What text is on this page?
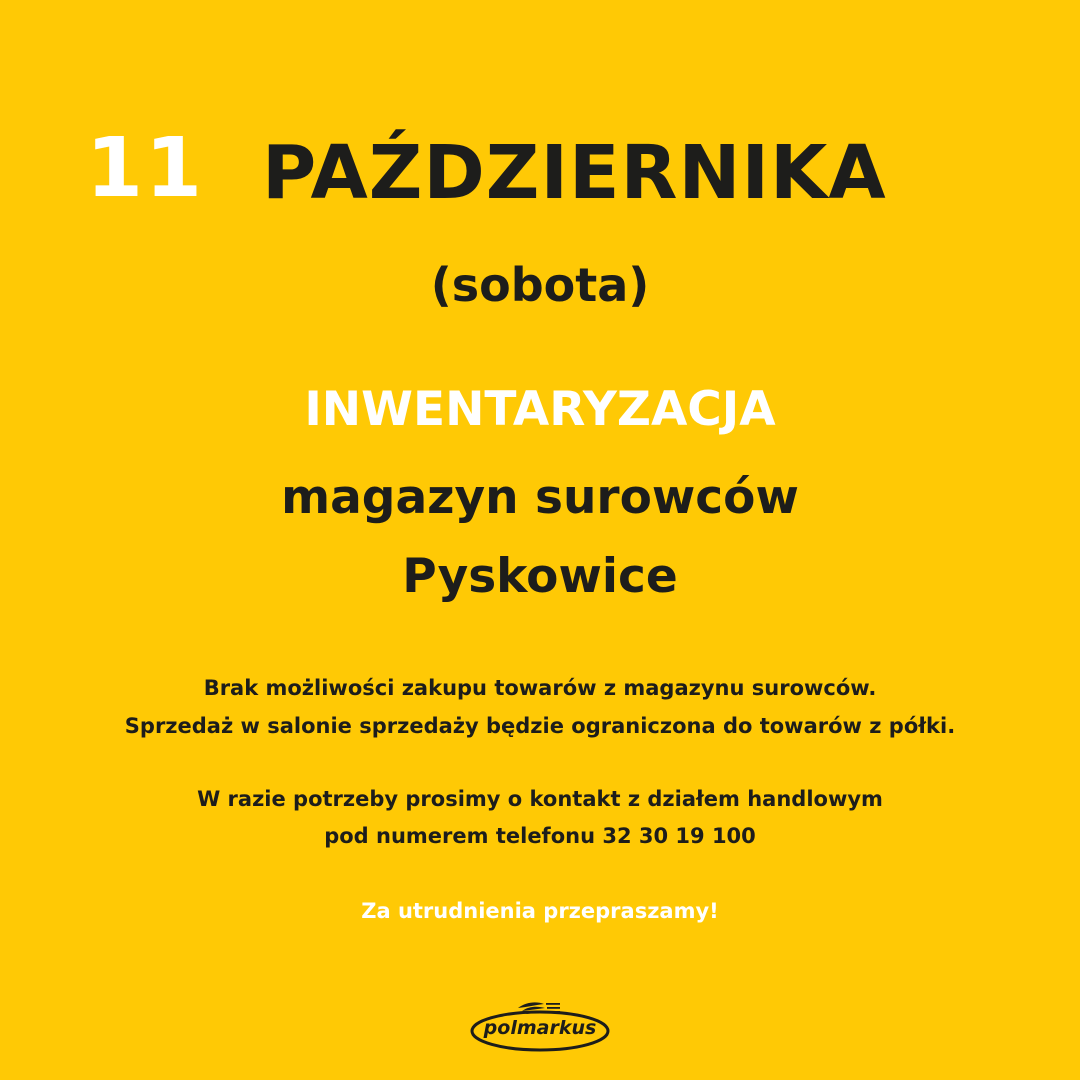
11 PAŹDZIERNIKA
(sobota)
INWENTARYZACJA
magazyn surowców
Pyskowice
Brak możliwości zakupu towarów z magazynu surowców.
Sprzedaż w salonie sprzedaży będzie ograniczona do towarów z półki.
W razie potrzeby prosimy o kontakt z działem handlowym
pod numerem telefonu 32 30 19 100
Za utrudnienia przepraszamy!
polmarkus
